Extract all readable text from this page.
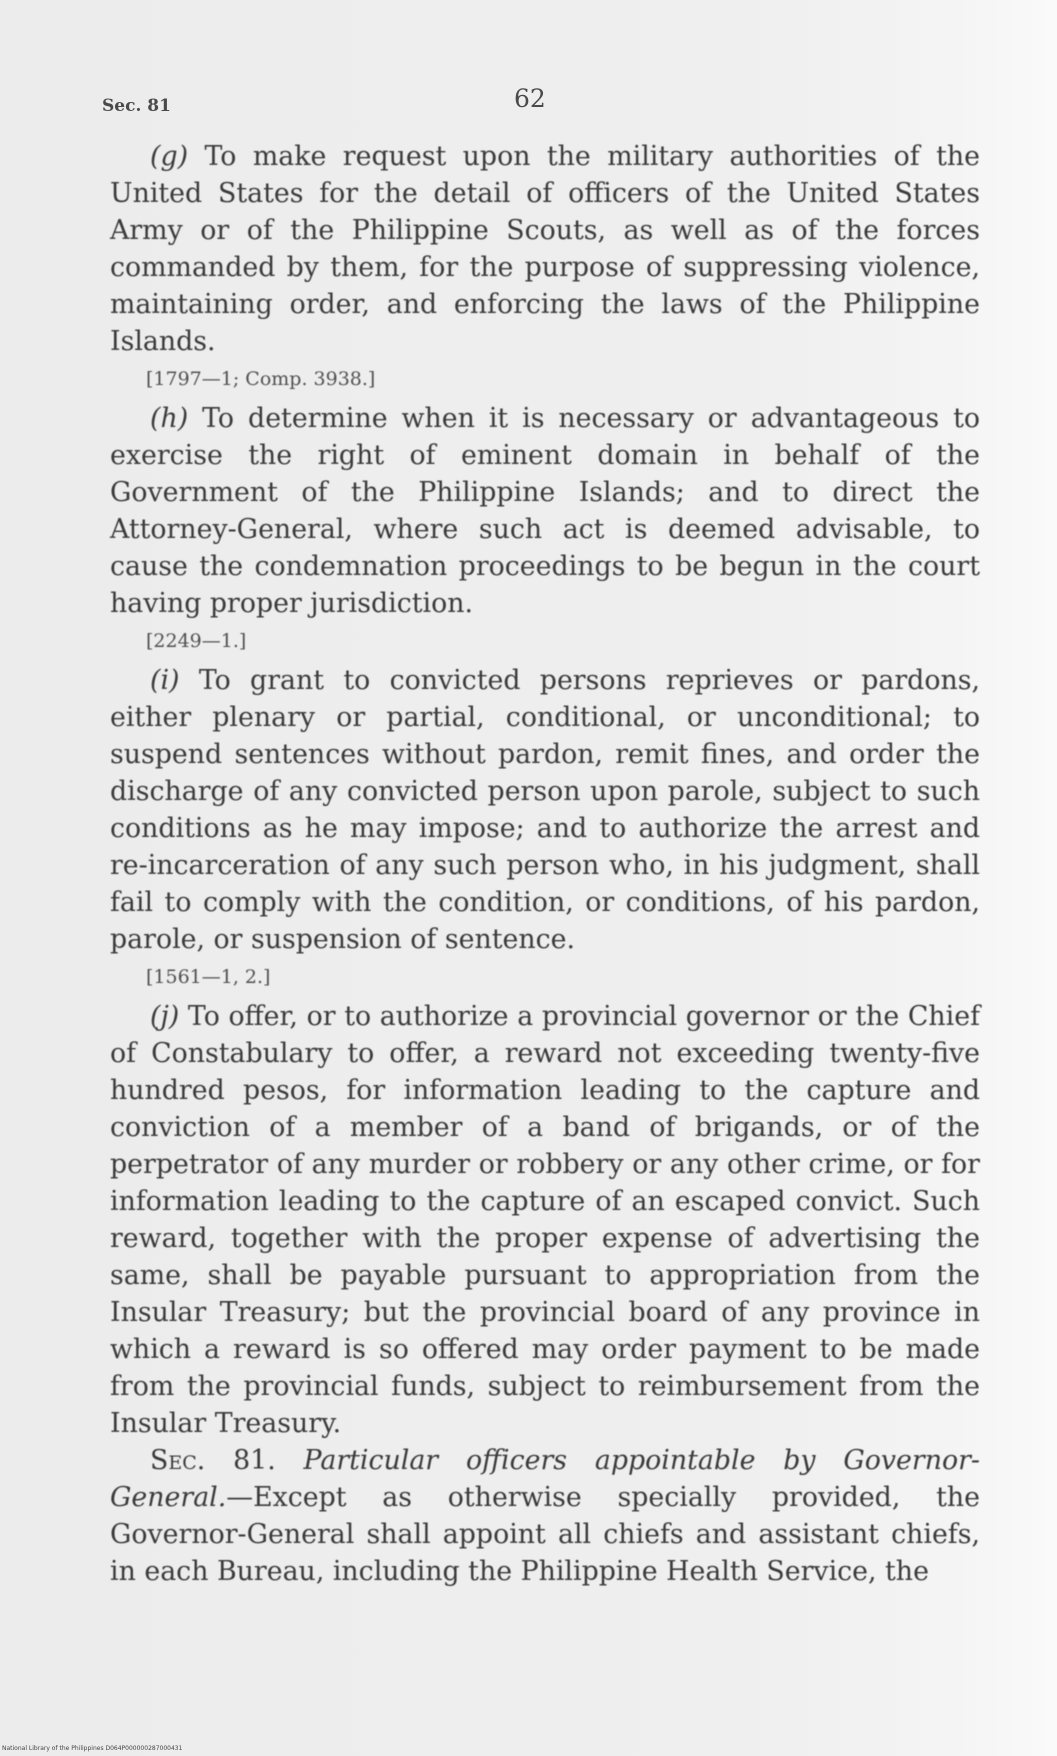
Sec. 81	62

(g) To make request upon the military authorities of the United States for the detail of officers of the United States Army or of the Philippine Scouts, as well as of the forces commanded by them, for the purpose of suppressing violence, maintaining order, and enforcing the laws of the Philippine Islands.

[1797—1; Comp. 3938.]

(h) To determine when it is necessary or advantageous to exercise the right of eminent domain in behalf of the Government of the Philippine Islands; and to direct the Attorney-General, where such act is deemed advisable, to cause the condemnation proceedings to be begun in the court having proper jurisdiction.

[2249—1.]

(i) To grant to convicted persons reprieves or pardons, either plenary or partial, conditional, or unconditional; to suspend sentences without pardon, remit fines, and order the discharge of any convicted person upon parole, subject to such conditions as he may impose; and to authorize the arrest and re-incarceration of any such person who, in his judgment, shall fail to comply with the condition, or conditions, of his pardon, parole, or suspension of sentence.

[1561—1, 2.]

(j) To offer, or to authorize a provincial governor or the Chief of Constabulary to offer, a reward not exceeding twenty-five hundred pesos, for information leading to the capture and conviction of a member of a band of brigands, or of the perpetrator of any murder or robbery or any other crime, or for information leading to the capture of an escaped convict. Such reward, together with the proper expense of advertising the same, shall be payable pursuant to appropriation from the Insular Treasury; but the provincial board of any province in which a reward is so offered may order payment to be made from the provincial funds, subject to reimbursement from the Insular Treasury.

Sec. 81. Particular officers appointable by Governor-General.—Except as otherwise specially provided, the Governor-General shall appoint all chiefs and assistant chiefs, in each Bureau, including the Philippine Health Service, the

National Library of the Philippines D064P000000287000431
